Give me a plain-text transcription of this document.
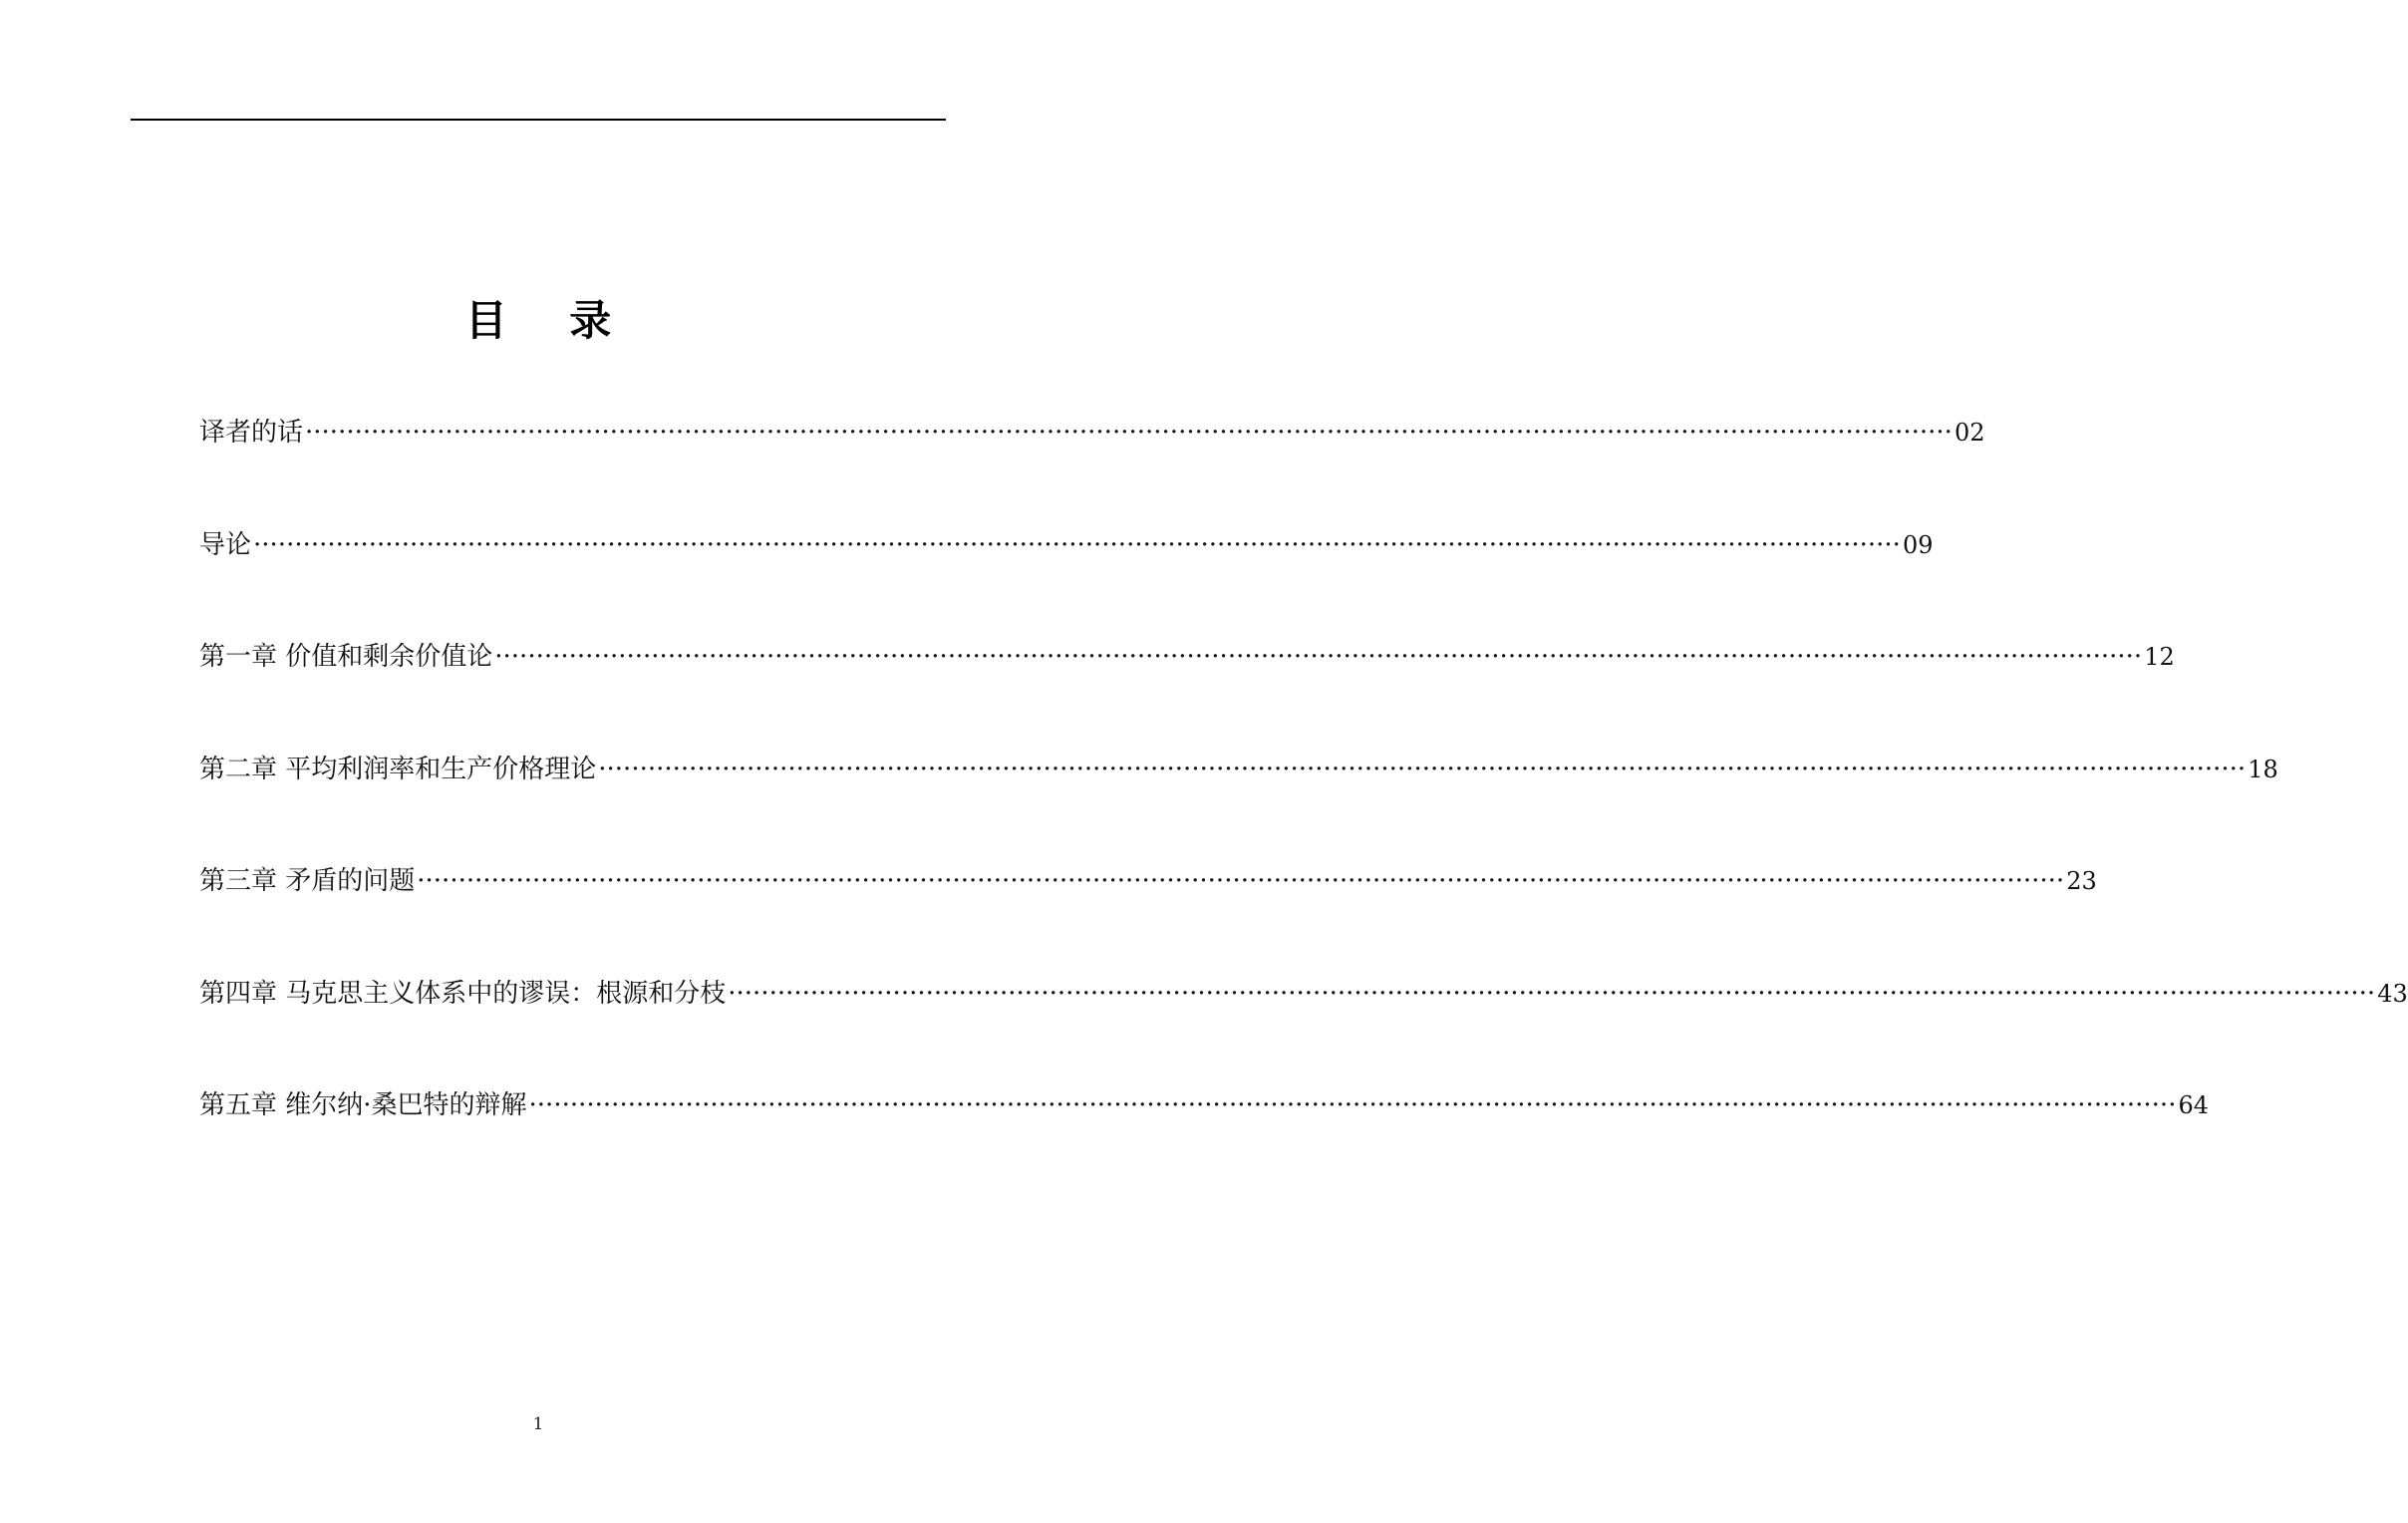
目 录
译者的话 ········································································································································································································ 02
导论 ········································································································································································································ 09
第一章 价值和剩余价值论 ········································································································································································································ 12
第二章 平均利润率和生产价格理论 ········································································································································································································ 18
第三章 矛盾的问题 ········································································································································································································ 23
第四章 马克思主义体系中的谬误：根源和分枝 ········································································································································································································ 43
第五章 维尔纳·桑巴特的辩解 ········································································································································································································ 64
1
